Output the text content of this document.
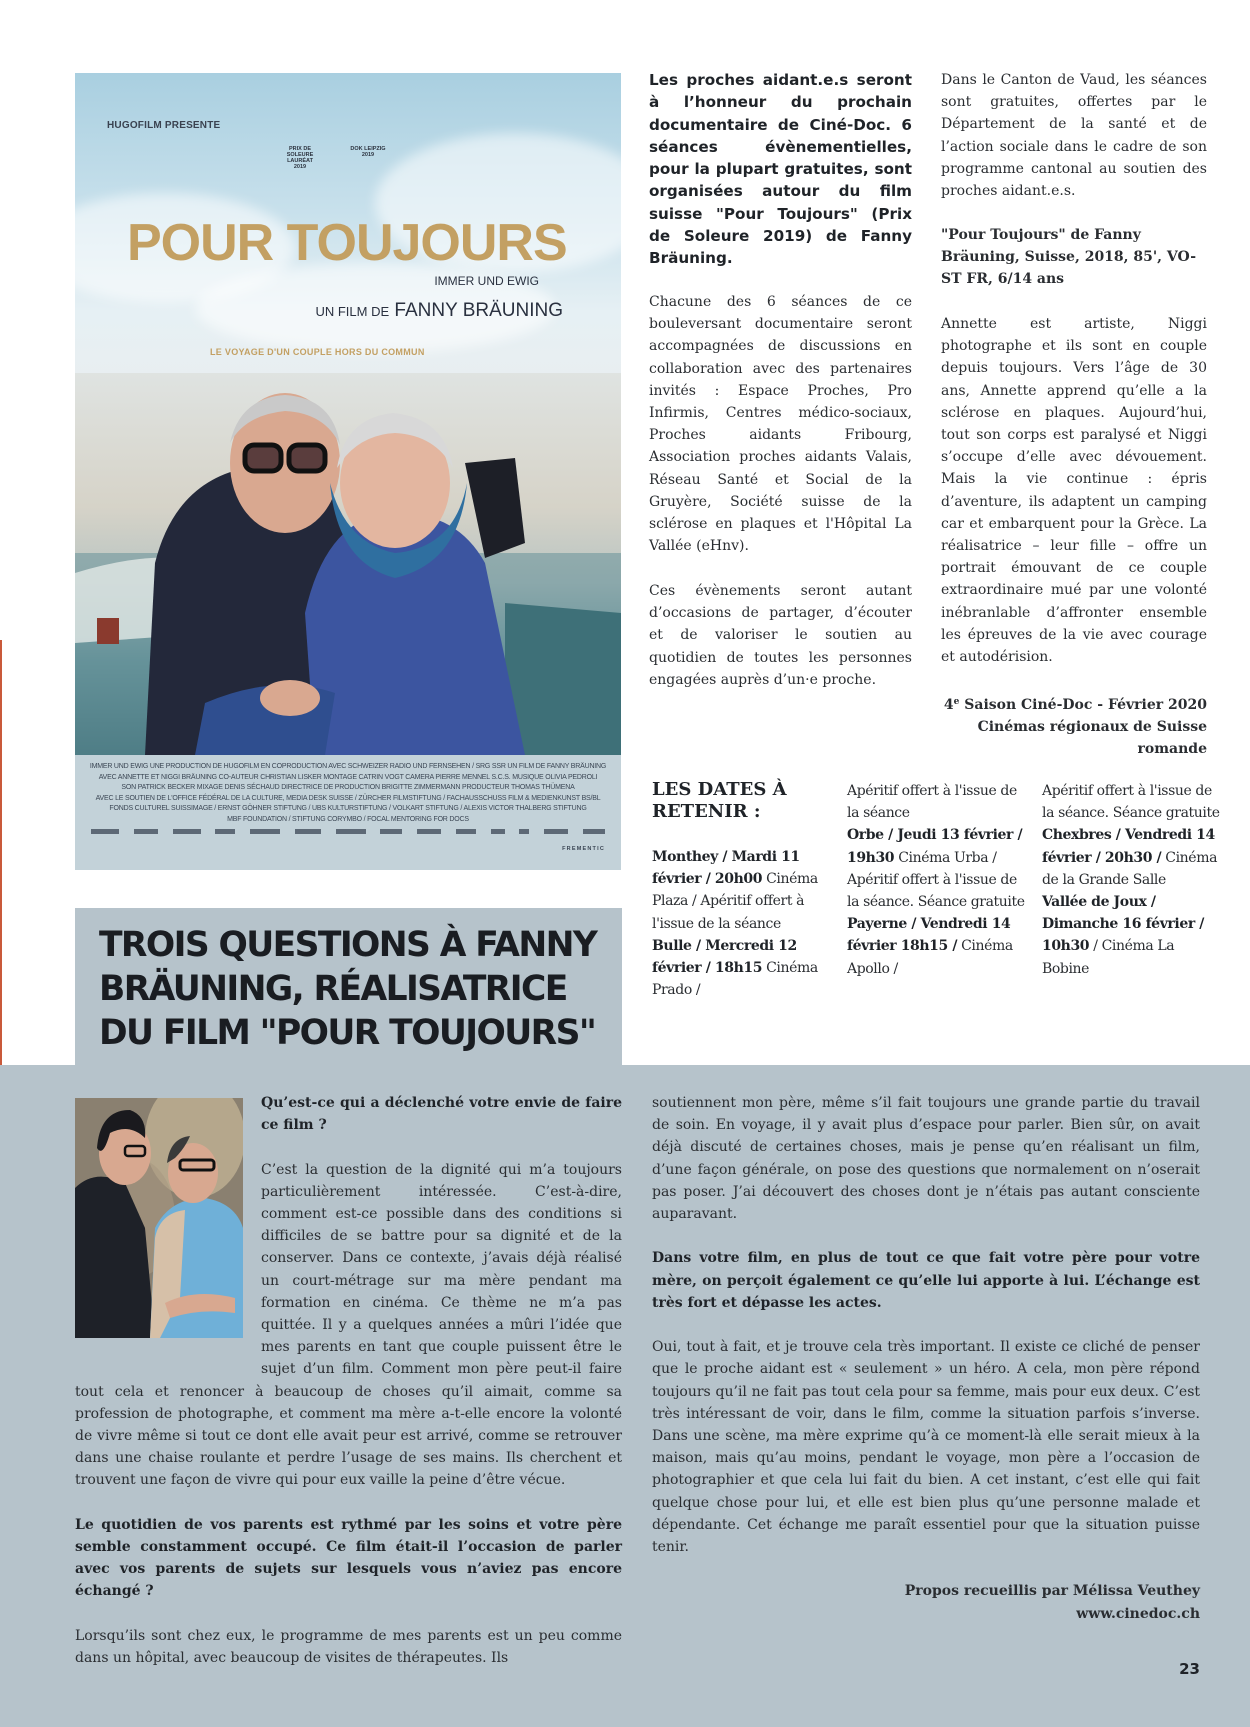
HUGOFILM PRESENTE
PRIX DE SOLEURE LAURÉAT 2019
DOK LEIPZIG 2019
POUR TOUJOURS
IMMER UND EWIG
UN FILM DE FANNY BRÄUNING
LE VOYAGE D'UN COUPLE HORS DU COMMUN
IMMER UND EWIG UNE PRODUCTION DE HUGOFILM EN COPRODUCTION AVEC SCHWEIZER RADIO UND FERNSEHEN / SRG SSR UN FILM DE FANNY BRÄUNING
AVEC ANNETTE ET NIGGI BRÄUNING CO-AUTEUR CHRISTIAN LISKER MONTAGE CATRIN VOGT CAMERA PIERRE MENNEL S.C.S. MUSIQUE OLIVIA PEDROLI
SON PATRICK BECKER MIXAGE DENIS SÉCHAUD DIRECTRICE DE PRODUCTION BRIGITTE ZIMMERMANN PRODUCTEUR THOMAS THÜMENA
AVEC LE SOUTIEN DE L'OFFICE FÉDÉRAL DE LA CULTURE, MEDIA DESK SUISSE / ZÜRCHER FILMSTIFTUNG / FACHAUSSCHUSS FILM & MEDIENKUNST BS/BL
FONDS CULTUREL SUISSIMAGE / ERNST GÖHNER STIFTUNG / UBS KULTURSTIFTUNG / VOLKART STIFTUNG / ALEXIS VICTOR THALBERG STIFTUNG
MBF FOUNDATION / STIFTUNG CORYMBO / FOCAL MENTORING FOR DOCS
FREMENTIC
Les proches aidant.e.s seront à l’honneur du prochain documentaire de Ciné-Doc. 6 séances évènementielles, pour la plupart gratuites, sont organisées autour du film suisse "Pour Toujours" (Prix de Soleure 2019) de Fanny Bräuning.
Chacune des 6 séances de ce bouleversant documentaire seront accompagnées de discussions en collaboration avec des partenaires invités : Espace Proches, Pro Infirmis, Centres médico-sociaux, Proches aidants Fribourg, Association proches aidants Valais, Réseau Santé et Social de la Gruyère, Société suisse de la sclérose en plaques et l'Hôpital La Vallée (eHnv).
Ces évènements seront autant d’occasions de partager, d’écouter et de valoriser le soutien au quotidien de toutes les personnes engagées auprès d’un·e proche.
Dans le Canton de Vaud, les séances sont gratuites, offertes par le Département de la santé et de l’action sociale dans le cadre de son programme cantonal au soutien des proches aidant.e.s.
"Pour Toujours" de Fanny Bräuning, Suisse, 2018, 85', VO-ST FR, 6/14 ans
Annette est artiste, Niggi photographe et ils sont en couple depuis toujours. Vers l’âge de 30 ans, Annette apprend qu’elle a la sclérose en plaques. Aujourd’hui, tout son corps est paralysé et Niggi s’occupe d’elle avec dévouement. Mais la vie continue : épris d’aventure, ils adaptent un camping car et embarquent pour la Grèce. La réalisatrice – leur fille – offre un portrait émouvant de ce couple extraordinaire mué par une volonté inébranlable d’affronter ensemble les épreuves de la vie avec courage et autodérision.
4e Saison Ciné-Doc - Février 2020
Cinémas régionaux de Suisse romande
LES DATES À RETENIR :
Monthey / Mardi 11 février / 20h00 Cinéma Plaza / Apéritif offert à l'issue de la séance
Bulle / Mercredi 12 février / 18h15 Cinéma Prado /
Apéritif offert à l'issue de la séance
Orbe / Jeudi 13 février / 19h30 Cinéma Urba / Apéritif offert à l'issue de la séance. Séance gratuite
Payerne / Vendredi 14 février 18h15 / Cinéma Apollo /
Apéritif offert à l'issue de la séance. Séance gratuite
Chexbres / Vendredi 14 février / 20h30 / Cinéma de la Grande Salle
Vallée de Joux / Dimanche 16 février / 10h30 / Cinéma La Bobine
TROIS QUESTIONS À FANNY
BRÄUNING, RÉALISATRICE
DU FILM "POUR TOUJOURS"

Qu’est-ce qui a déclenché votre envie de faire ce film ?

C’est la question de la dignité qui m’a toujours particulièrement intéressée. C’est-à-dire, comment est-ce possible dans des conditions si difficiles de se battre pour sa dignité et de la conserver. Dans ce contexte, j’avais déjà réalisé un court-métrage sur ma mère pendant ma formation en cinéma. Ce thème ne m’a pas quittée. Il y a quelques années a mûri l’idée que mes parents en tant que couple puissent être le sujet d’un film. Comment mon père peut-il faire tout cela et renoncer à beaucoup de choses qu’il aimait, comme sa profession de photographe, et comment ma mère a-t-elle encore la volonté de vivre même si tout ce dont elle avait peur est arrivé, comme se retrouver dans une chaise roulante et perdre l’usage de ses mains. Ils cherchent et trouvent une façon de vivre qui pour eux vaille la peine d’être vécue.

Le quotidien de vos parents est rythmé par les soins et votre père semble constamment occupé. Ce film était-il l’occasion de parler avec vos parents de sujets sur lesquels vous n’aviez pas encore échangé ?

Lorsqu’ils sont chez eux, le programme de mes parents est un peu comme dans un hôpital, avec beaucoup de visites de thérapeutes. Ils

soutiennent mon père, même s’il fait toujours une grande partie du travail de soin. En voyage, il y avait plus d’espace pour parler. Bien sûr, on avait déjà discuté de certaines choses, mais je pense qu’en réalisant un film, d’une façon générale, on pose des questions que normalement on n’oserait pas poser. J’ai découvert des choses dont je n’étais pas autant consciente auparavant.

Dans votre film, en plus de tout ce que fait votre père pour votre mère, on perçoit également ce qu’elle lui apporte à lui. L’échange est très fort et dépasse les actes.

Oui, tout à fait, et je trouve cela très important. Il existe ce cliché de penser que le proche aidant est « seulement » un héro. A cela, mon père répond toujours qu’il ne fait pas tout cela pour sa femme, mais pour eux deux. C’est très intéressant de voir, dans le film, comme la situation parfois s’inverse. Dans une scène, ma mère exprime qu’à ce moment-là elle serait mieux à la maison, mais qu’au moins, pendant le voyage, mon père a l’occasion de photographier et que cela lui fait du bien. A cet instant, c’est elle qui fait quelque chose pour lui, et elle est bien plus qu’une personne malade et dépendante. Cet échange me paraît essentiel pour que la situation puisse tenir.

Propos recueillis par Mélissa Veuthey
www.cinedoc.ch
23
